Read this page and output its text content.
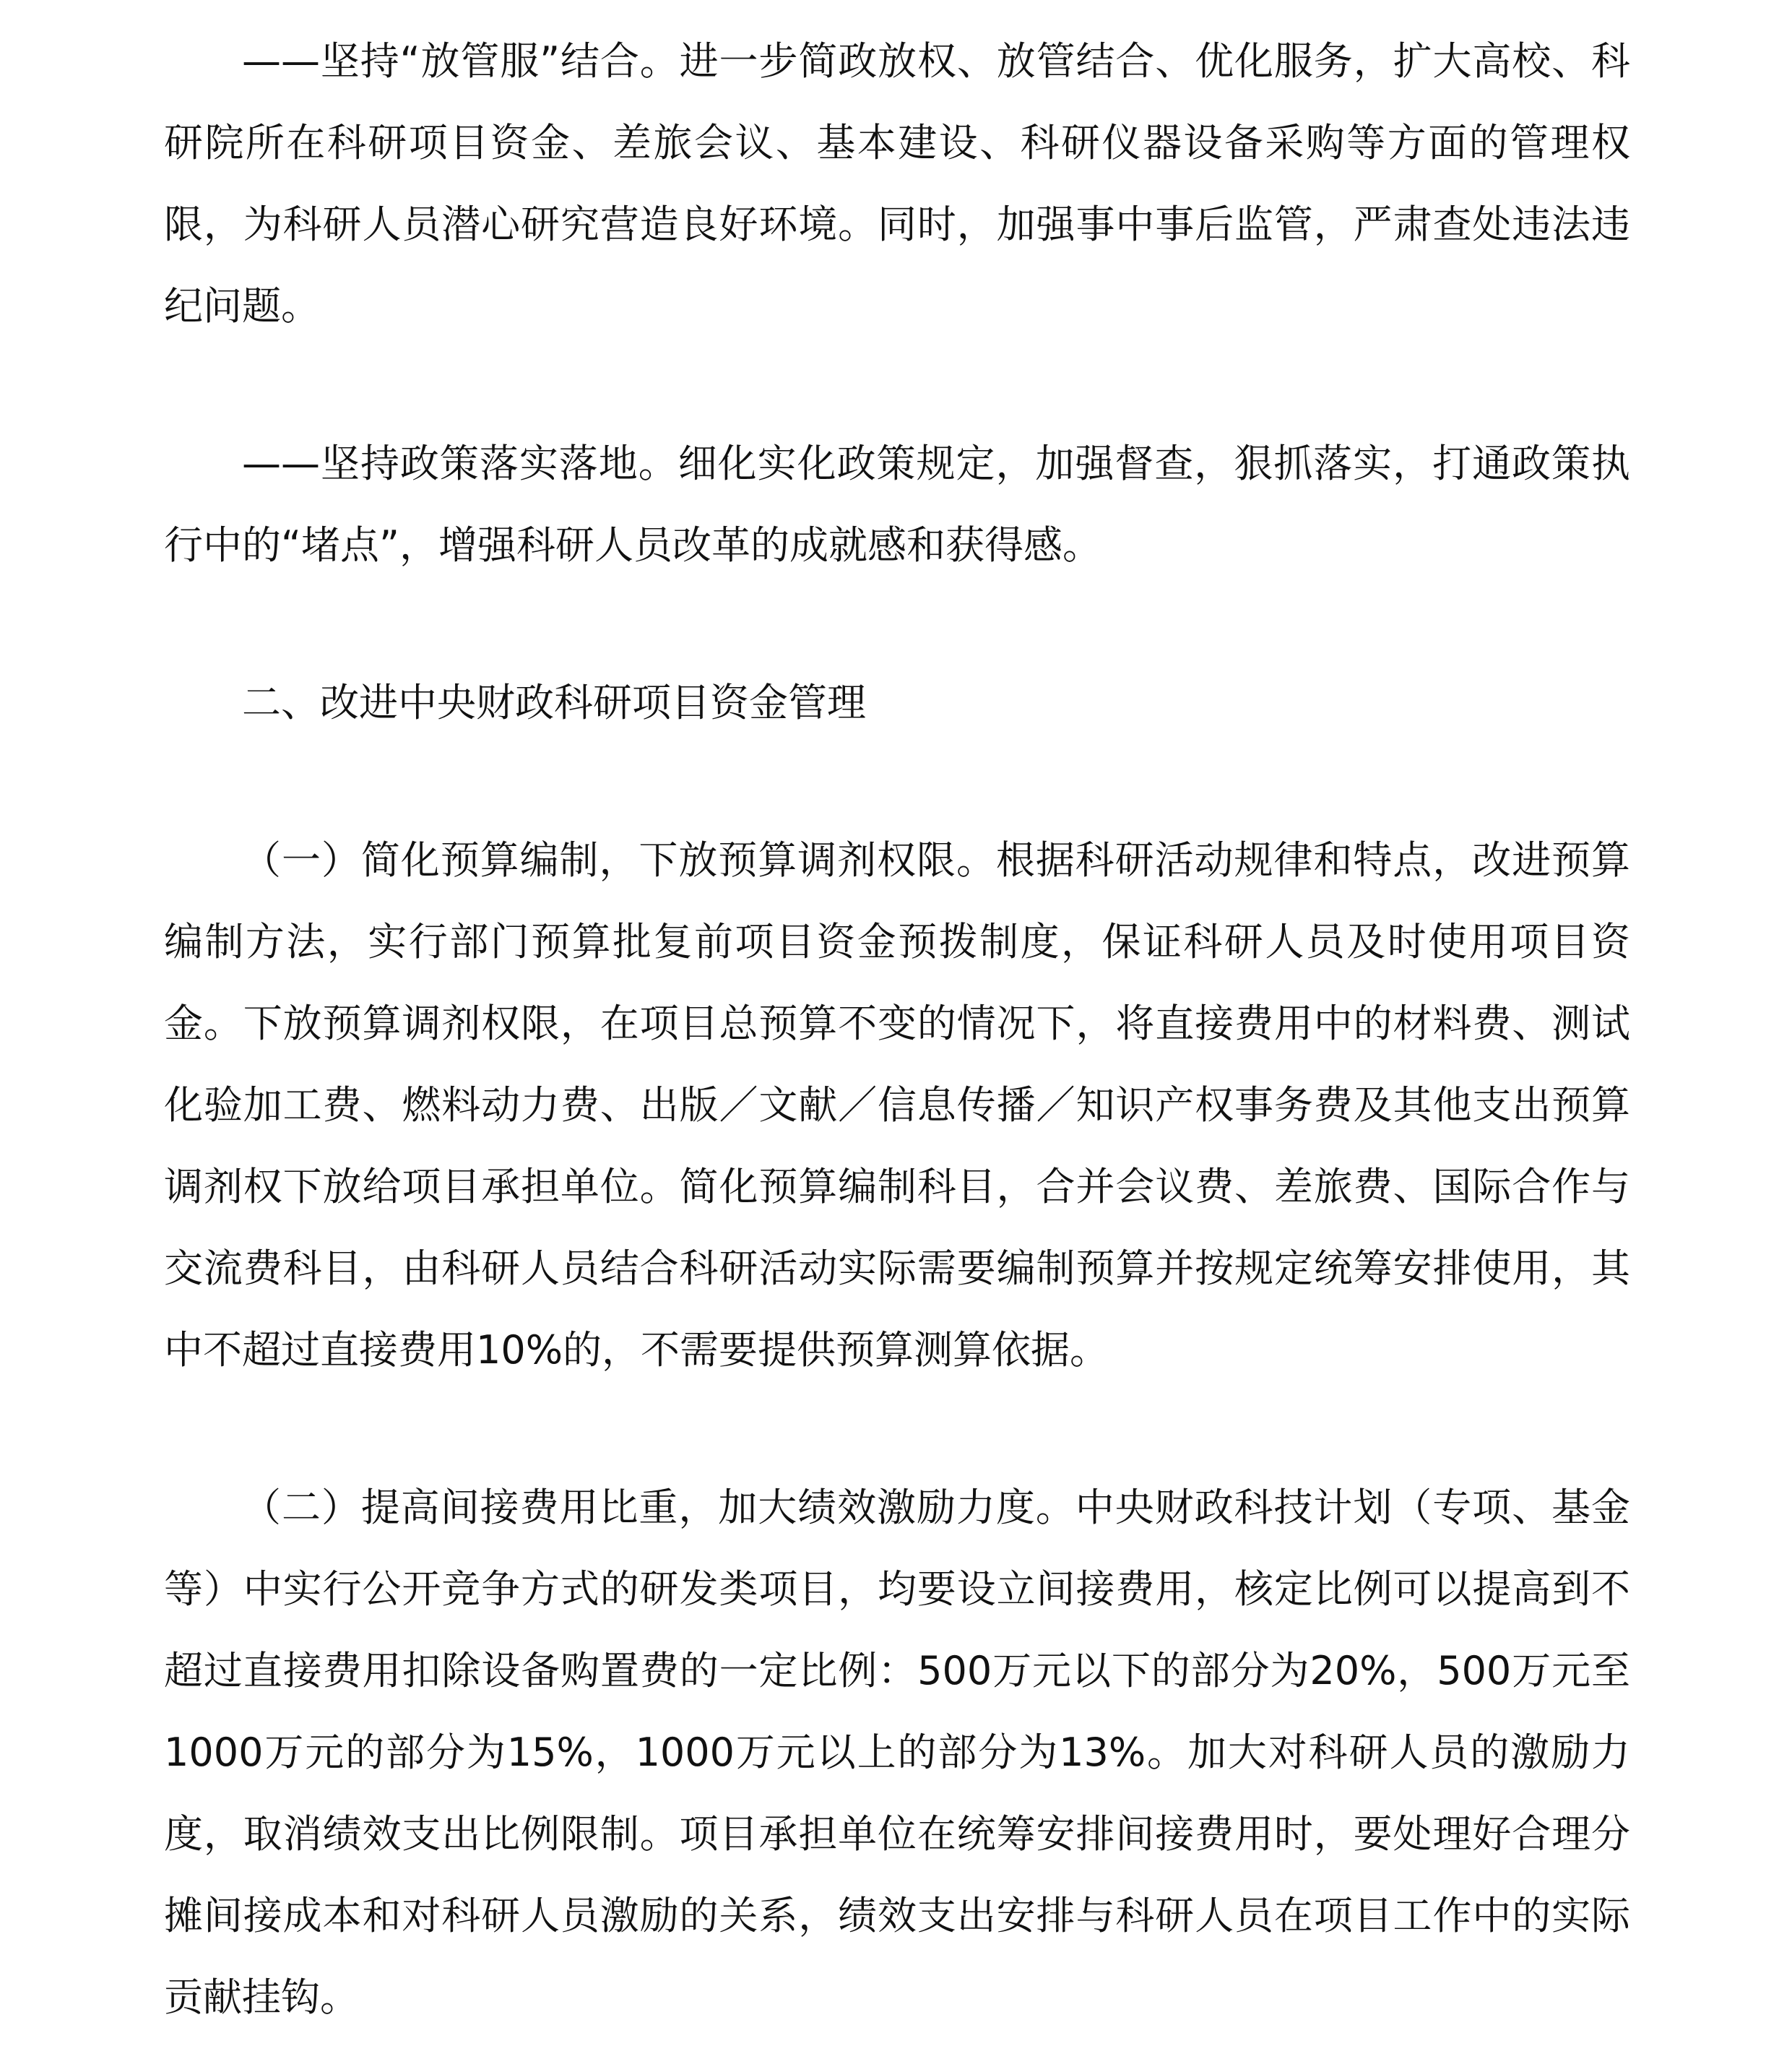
——坚持“放管服”结合。进一步简政放权、放管结合、优化服务，扩大高校、科研院所在科研项目资金、差旅会议、基本建设、科研仪器设备采购等方面的管理权限，为科研人员潜心研究营造良好环境。同时，加强事中事后监管，严肃查处违法违纪问题。

——坚持政策落实落地。细化实化政策规定，加强督查，狠抓落实，打通政策执行中的“堵点”，增强科研人员改革的成就感和获得感。

二、改进中央财政科研项目资金管理

（一）简化预算编制，下放预算调剂权限。根据科研活动规律和特点，改进预算编制方法，实行部门预算批复前项目资金预拨制度，保证科研人员及时使用项目资金。下放预算调剂权限，在项目总预算不变的情况下，将直接费用中的材料费、测试化验加工费、燃料动力费、出版／文献／信息传播／知识产权事务费及其他支出预算调剂权下放给项目承担单位。简化预算编制科目，合并会议费、差旅费、国际合作与交流费科目，由科研人员结合科研活动实际需要编制预算并按规定统筹安排使用，其中不超过直接费用10%的，不需要提供预算测算依据。

（二）提高间接费用比重，加大绩效激励力度。中央财政科技计划（专项、基金等）中实行公开竞争方式的研发类项目，均要设立间接费用，核定比例可以提高到不超过直接费用扣除设备购置费的一定比例：500万元以下的部分为20%，500万元至1000万元的部分为15%，1000万元以上的部分为13%。加大对科研人员的激励力度，取消绩效支出比例限制。项目承担单位在统筹安排间接费用时，要处理好合理分摊间接成本和对科研人员激励的关系，绩效支出安排与科研人员在项目工作中的实际贡献挂钩。
